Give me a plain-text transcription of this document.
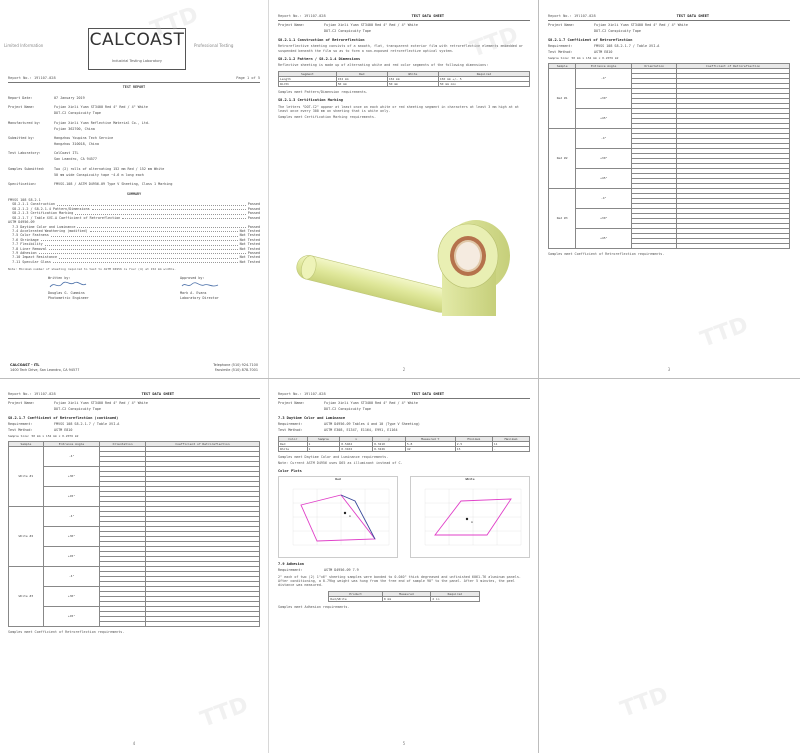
Limited Information	Professional Testing
CALCOAST
Industrial Testing Laboratory
Report No.: 19l107-028	Page 1 of 5
TEST REPORT
Report Date:	07 January 2019
Project Name:	Fujian Xinli Yuan ST3400 Red 4" Red / 4" White
DOT-C2 Conspicuity Tape
Manufactured by:	Fujian Xinli Yuan Reflective Material Co., Ltd.
Fujian 362700, China
Submitted by:	Hangzhou Youpins Tech Service
Hangzhou 310018, China
Test Laboratory:	CalCoast ITL
San Leandro, CA 94577
Samples Submitted:	Two (2) rolls of alternating 152 mm Red / 152 mm White
50 mm wide Conspicuity tape ~4.6 m long each
Specification:	FMVSS-108 / ASTM D4956-09 Type V Sheeting, Class 1 Marking
SUMMARY
FMVSS 108 S8.2.1
S8.2.1.1 Construction	Passed
S8.2.1.2 / S8.2.1.4 Pattern/Dimensions	Passed
S8.2.1.3 Certification Marking	Passed
S8.2.1.7 / Table XVI-A Coefficient of Retroreflection	Passed
ASTM D4956-09
7.3 Daytime Color and Luminance	Passed
7.4 Accelerated Weathering (modified)	Not Tested
7.5 Color Fastness	Not Tested
7.6 Shrinkage	Not Tested
7.7 Flexibility	Not Tested
7.8 Liner Removal	Not Tested
7.9 Adhesion	Passed
7.10 Impact Resistance	Not Tested
7.11 Specular Gloss	Not Tested
Note: Minimum number of sheeting required to test to ASTM D4956 is four (4) at 152 mm widths.
Written by:
Douglas G. Cummins
Photometric Engineer
Approved by:
Mark A. Evans
Laboratory Director
CALCOAST - ITL
1400 Tech Drive, San Leandro, CA 94577
Telephone (510) 924-7100
Facsimile (510) 878-7001
Report No.: 19l107-028	TEST DATA SHEET
Project Name:	Fujian Xinli Yuan ST3400 Red 4" Red / 4" White
DOT-C2 Conspicuity Tape
S8.2.1.1 Construction of Retroreflection
Retroreflective sheeting consists of a smooth, flat, transparent exterior film with retroreflective elements embedded or suspended beneath the film so as to form a non-exposed retroreflective optical system.
S8.2.1.2 Pattern / S8.2.1.4 Dimensions
Reflective sheeting is made up of alternating white and red color segments of the following dimensions:
Segment	Red	White	Required
Length	152 mm	152 mm	150 mm +/- 5
Width	50 mm	50 mm	50 mm min
Samples meet Pattern/Dimension requirements.
S8.2.1.3 Certification Marking
The letters "DOT-C2" appear at least once on each white or red sheeting segment in characters at least 3 mm high at at least once every 300 mm on sheeting that is white only.
Samples meet Certification Marking requirements.
2
Report No.: 19l107-028	TEST DATA SHEET
Project Name:	Fujian Xinli Yuan ST3400 Red 4" Red / 4" White
DOT-C2 Conspicuity Tape
S8.2.1.7 Coefficient of Retroreflection
Requirement:	FMVSS 108 S8.2.1.7 / Table XVI-A
Test Method:	ASTM E810
Sample Size: 50 mm x 152 mm x 0.2076 m2
Sample	Entrance Angle	Orientation	Coefficient of Retroreflection
Red #1	-4°		

	+30°		

	+45°		

Red #2	-4°		

	+30°		

	+45°		

Red #3	-4°		

	+30°		

	+45°		

Samples meet Coefficient of Retroreflection requirements.
3
Report No.: 19l107-028	TEST DATA SHEET
Project Name:	Fujian Xinli Yuan ST3400 Red 4" Red / 4" White
DOT-C2 Conspicuity Tape
S8.2.1.7 Coefficient of Retroreflection (continued)
Requirement:	FMVSS 108 S8.2.1.7 / Table XVI-A
Test Method:	ASTM E810
Sample Size: 50 mm x 152 mm x 0.2076 m2
Sample	Entrance Angle	Orientation	Coefficient of Retroreflection
White #1	-4°		

	+30°		

	+45°		

White #2	-4°		

	+30°		

	+45°		

White #3	-4°		

	+30°		

	+45°		

Samples meet Coefficient of Retroreflection requirements.
4
Report No.: 19l107-028	TEST DATA SHEET
Project Name:	Fujian Xinli Yuan ST3400 Red 4" Red / 4" White
DOT-C2 Conspicuity Tape
7.3 Daytime Color and Luminance
Requirement:	ASTM D4956-09 Tables 4 and 10 (Type V Sheeting)
Test Method:	ASTM E308, E1347, E1164, E991, E1164
Color	Sample	x	y	Measured Y	Minimum	Maximum
Red	1	0.5462	0.3210	5.8	2.5	11
White	1	0.3102	0.3226	42	15	-
Samples meet Daytime Color and Luminance requirements.
Note: Current ASTM D4956 uses D65 as illuminant instead of C.
Color Plots
Red
A
White
A
7.9 Adhesion
Requirement:	ASTM D4956-09 7.9
2" each of two (2) 1"x6" sheeting samples were bonded to 0.040" thick degreased and unfinished 6061-T6 aluminum panels. After conditioning, a 0.79kg weight was hung from the free end of sample 90° to the panel. After 5 minutes, the peel distance was measured.
Product	Measured	Required
Red/White	0 mm	2 in
Samples meet Adhesion requirements.
5
TTD	TTD
TTD
TTD	TTD
